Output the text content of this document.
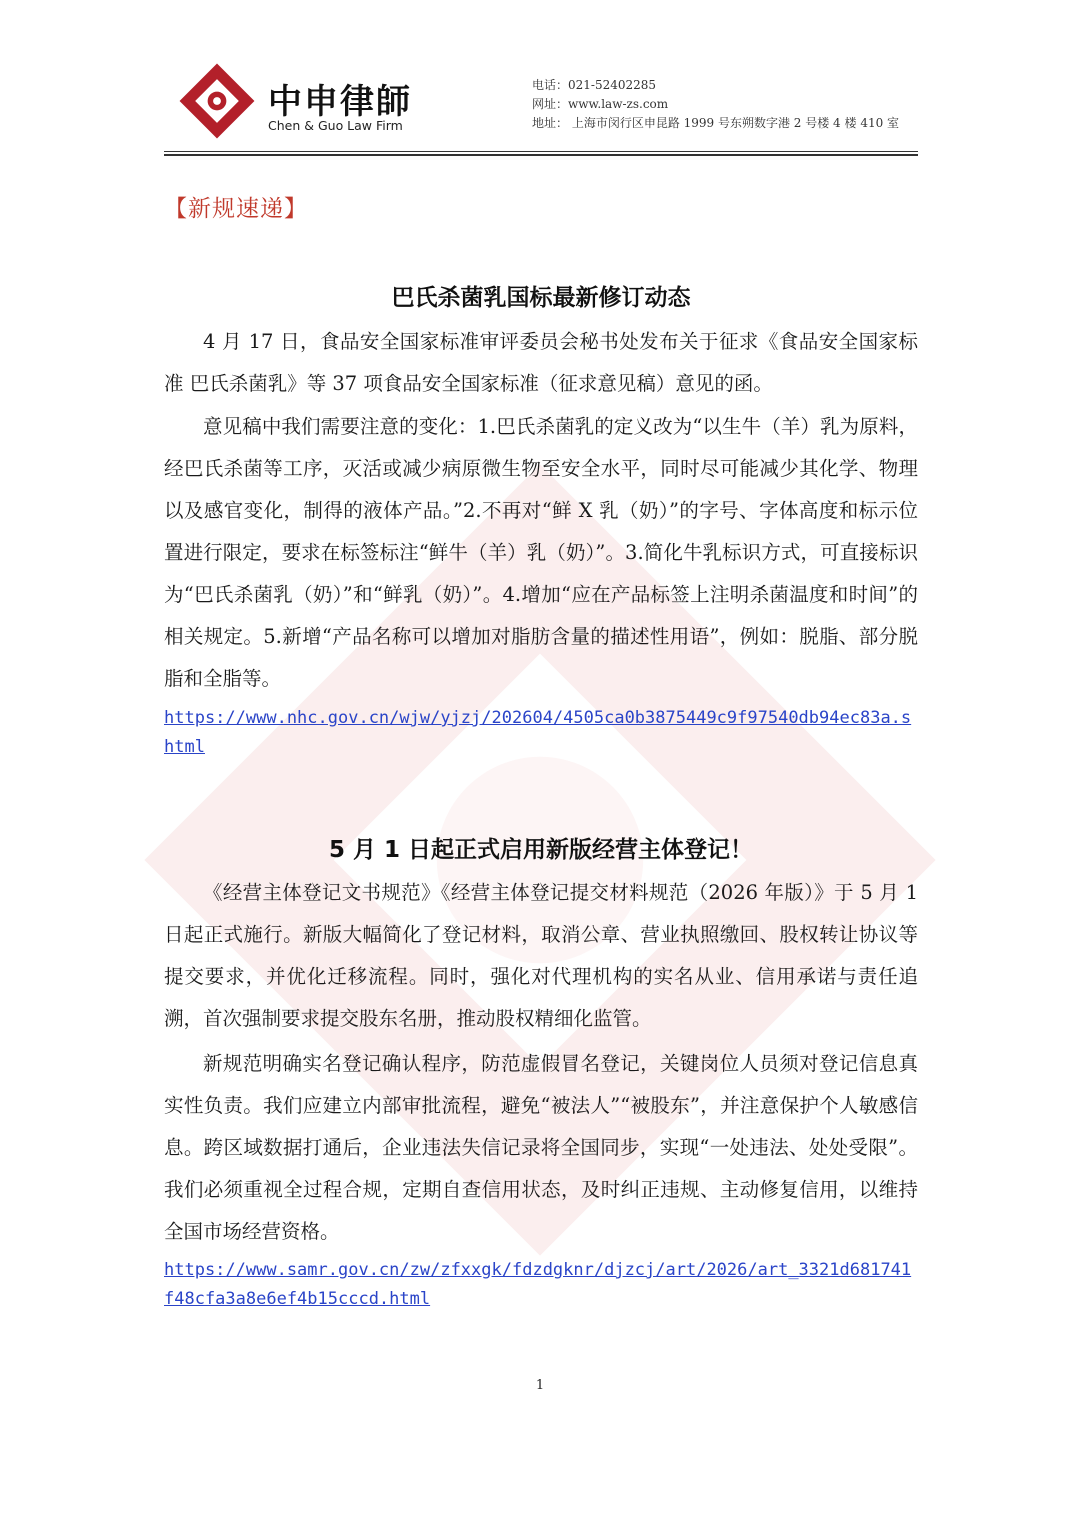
中申律師
Chen & Guo Law Firm
电话：021-52402285
网址：www.law-zs.com
地址： 上海市闵行区申昆路 1999 号东朔数字港 2 号楼 4 楼 410 室
【新规速递】
巴氏杀菌乳国标最新修订动态
4 月 17 日，食品安全国家标准审评委员会秘书处发布关于征求《食品安全国家标准 巴氏杀菌乳》等 37 项食品安全国家标准（征求意见稿）意见的函。
意见稿中我们需要注意的变化：1.巴氏杀菌乳的定义改为“以生牛（羊）乳为原料，经巴氏杀菌等工序，灭活或减少病原微生物至安全水平，同时尽可能减少其化学、物理以及感官变化，制得的液体产品。”2.不再对“鲜 X 乳（奶）”的字号、字体高度和标示位置进行限定，要求在标签标注“鲜牛（羊）乳（奶）”。3.简化牛乳标识方式，可直接标识为“巴氏杀菌乳（奶）”和“鲜乳（奶）”。4.增加“应在产品标签上注明杀菌温度和时间”的相关规定。5.新增“产品名称可以增加对脂肪含量的描述性用语”，例如：脱脂、部分脱脂和全脂等。
https://www.nhc.gov.cn/wjw/yjzj/202604/4505ca0b3875449c9f97540db94ec83a.shtml
5 月 1 日起正式启用新版经营主体登记！
《经营主体登记文书规范》《经营主体登记提交材料规范（2026 年版）》于 5 月 1 日起正式施行。新版大幅简化了登记材料，取消公章、营业执照缴回、股权转让协议等提交要求，并优化迁移流程。同时，强化对代理机构的实名从业、信用承诺与责任追溯，首次强制要求提交股东名册，推动股权精细化监管。
新规范明确实名登记确认程序，防范虚假冒名登记，关键岗位人员须对登记信息真实性负责。我们应建立内部审批流程，避免“被法人”“被股东”，并注意保护个人敏感信息。跨区域数据打通后，企业违法失信记录将全国同步，实现“一处违法、处处受限”。我们必须重视全过程合规，定期自查信用状态，及时纠正违规、主动修复信用，以维持全国市场经营资格。
https://www.samr.gov.cn/zw/zfxxgk/fdzdgknr/djzcj/art/2026/art_3321d681741f48cfa3a8e6ef4b15cccd.html
1
